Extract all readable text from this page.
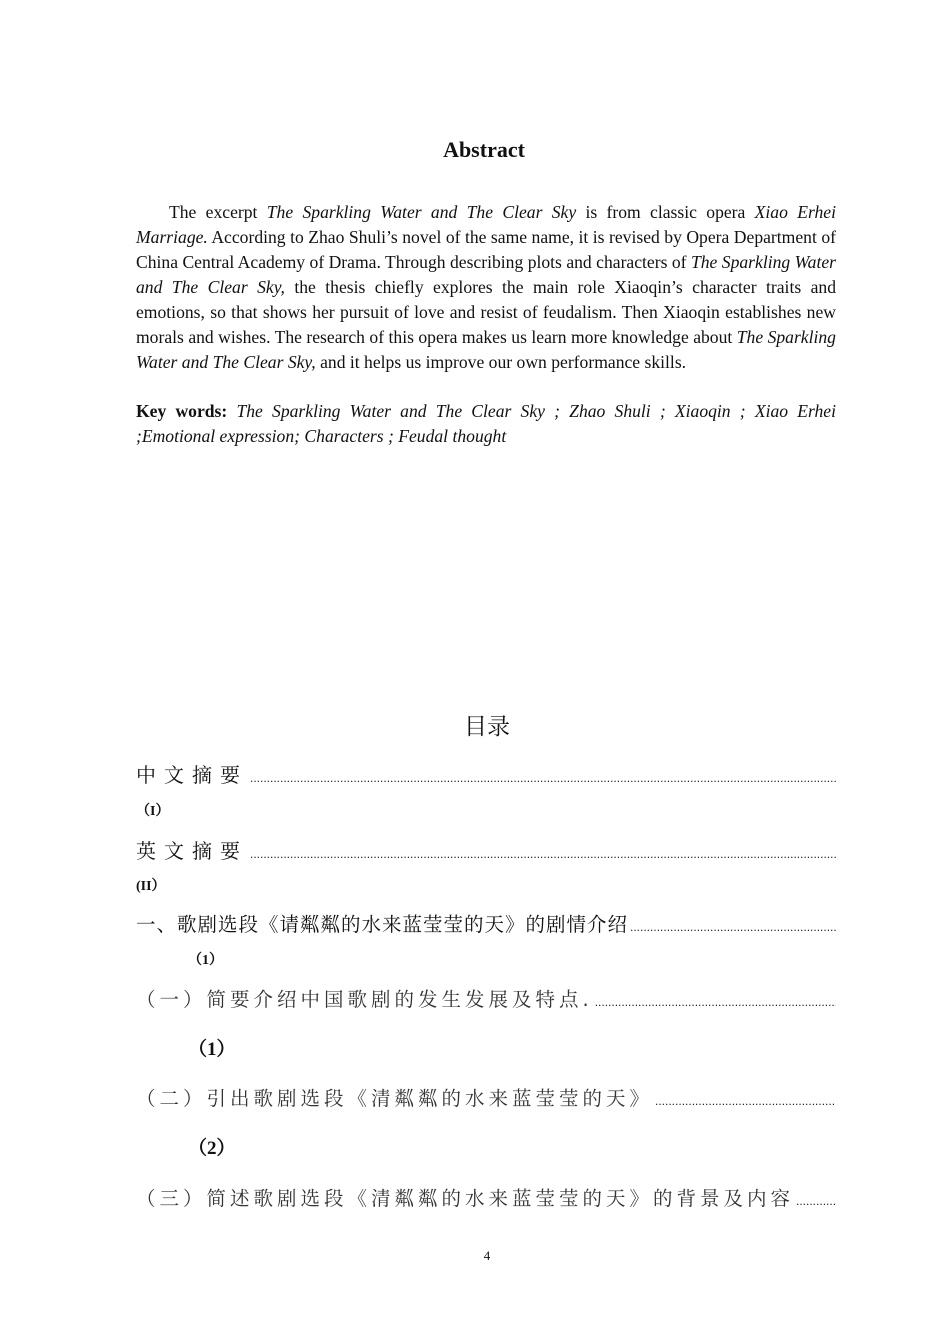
Abstract

The excerpt The Sparkling Water and The Clear Sky is from classic opera Xiao Erhei Marriage. According to Zhao Shuli’s novel of the same name, it is revised by Opera Department of China Central Academy of Drama. Through describing plots and characters of The Sparkling Water and The Clear Sky, the thesis chiefly explores the main role Xiaoqin’s character traits and emotions, so that shows her pursuit of love and resist of feudalism. Then Xiaoqin establishes new morals and wishes. The research of this opera makes us learn more knowledge about The Sparkling Water and The Clear Sky, and it helps us improve our own performance skills.

Key words: The Sparkling Water and The Clear Sky ; Zhao Shuli ; Xiaoqin ; Xiao Erhei ;Emotional expression; Characters ; Feudal thought
目录
中文摘要
.....
（I）
英文摘要
.....
(II）
一、歌剧选段《请粼粼的水来蓝莹莹的天》的剧情介绍
.....
（1）
（一）简要介绍中国歌剧的发生发展及特点.
.....
（1）
（二）引出歌剧选段《清粼粼的水来蓝莹莹的天》
.....
（2）
（三）简述歌剧选段《清粼粼的水来蓝莹莹的天》的背景及内容
.....
4
